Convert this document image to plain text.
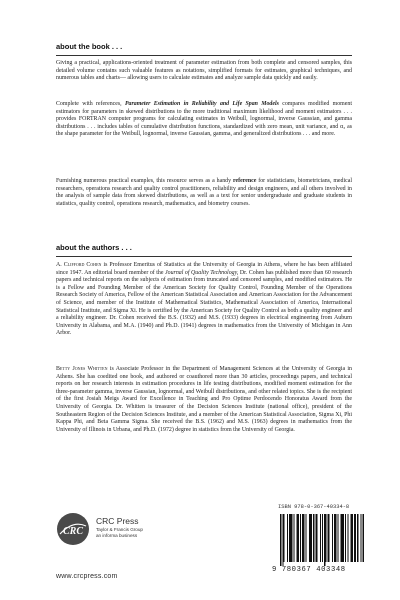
about the book . . .

Giving a practical, applications-oriented treatment of parameter estimation from both complete and censored samples, this detailed volume contains such valuable features as notations, simplified formats for estimates, graphical techniques, and numerous tables and charts— allowing users to calculate estimates and analyze sample data quickly and easily.

Complete with references, Parameter Estimation in Reliability and Life Span Models compares modified moment estimators for parameters in skewed distributions to the more traditional maximum likelihood and moment estimators . . . provides FORTRAN computer programs for calculating estimates in Weibull, lognormal, inverse Gaussian, and gamma distributions . . . includes tables of cumulative distribution functions, standardized with zero mean, unit variance, and α₃ as the shape parameter for the Weibull, lognormal, inverse Gaussian, gamma, and generalized distributions . . . and more.

Furnishing numerous practical examples, this resource serves as a handy reference for statisticians, biometricians, medical researchers, operations research and quality control practitioners, reliability and design engineers, and all others involved in the analysis of sample data from skewed distributions, as well as a text for senior undergraduate and graduate students in statistics, quality control, operations research, mathematics, and biometry courses.

about the authors . . .

A. Clifford Cohen is Professor Emeritus of Statistics at the University of Georgia in Athens, where he has been affiliated since 1947. An editorial board member of the Journal of Quality Technology, Dr. Cohen has published more than 60 research papers and technical reports on the subjects of estimation from truncated and censored samples, and modified estimators. He is a Fellow and Founding Member of the American Society for Quality Control, Founding Member of the Operations Research Society of America, Fellow of the American Statistical Association and American Association for the Advancement of Science, and member of the Institute of Mathematical Statistics, Mathematical Association of America, International Statistical Institute, and Sigma Xi. He is certified by the American Society for Quality Control as both a quality engineer and a reliability engineer. Dr. Cohen received the B.S. (1932) and M.S. (1933) degrees in electrical engineering from Auburn University in Alabama, and M.A. (1940) and Ph.D. (1941) degrees in mathematics from the University of Michigan in Ann Arbor.

Betty Jones Whitten is Associate Professor in the Department of Management Sciences at the University of Georgia in Athens. She has coedited one book, and authored or coauthored more than 30 articles, proceedings papers, and technical reports on her research interests in estimation procedures in life testing distributions, modified moment estimation for the three-parameter gamma, inverse Gaussian, lognormal, and Weibull distributions, and other related topics. She is the recipient of the first Josiah Meigs Award for Excellence in Teaching and Pro Optime Perdocendo Honoratus Award from the University of Georgia. Dr. Whitten is treasurer of the Decision Sciences Institute (national office), president of the Southeastern Region of the Decision Sciences Institute, and a member of the American Statistical Association, Sigma Xi, Phi Kappa Phi, and Beta Gamma Sigma. She received the B.S. (1962) and M.S. (1963) degrees in mathematics from the University of Illinois in Urbana, and Ph.D. (1972) degree in statistics from the University of Georgia.

CRC
CRC Press
Taylor & Francis Group
an informa business
www.crcpress.com
ISBN 978-0-367-40334-8
9 780367 403348
